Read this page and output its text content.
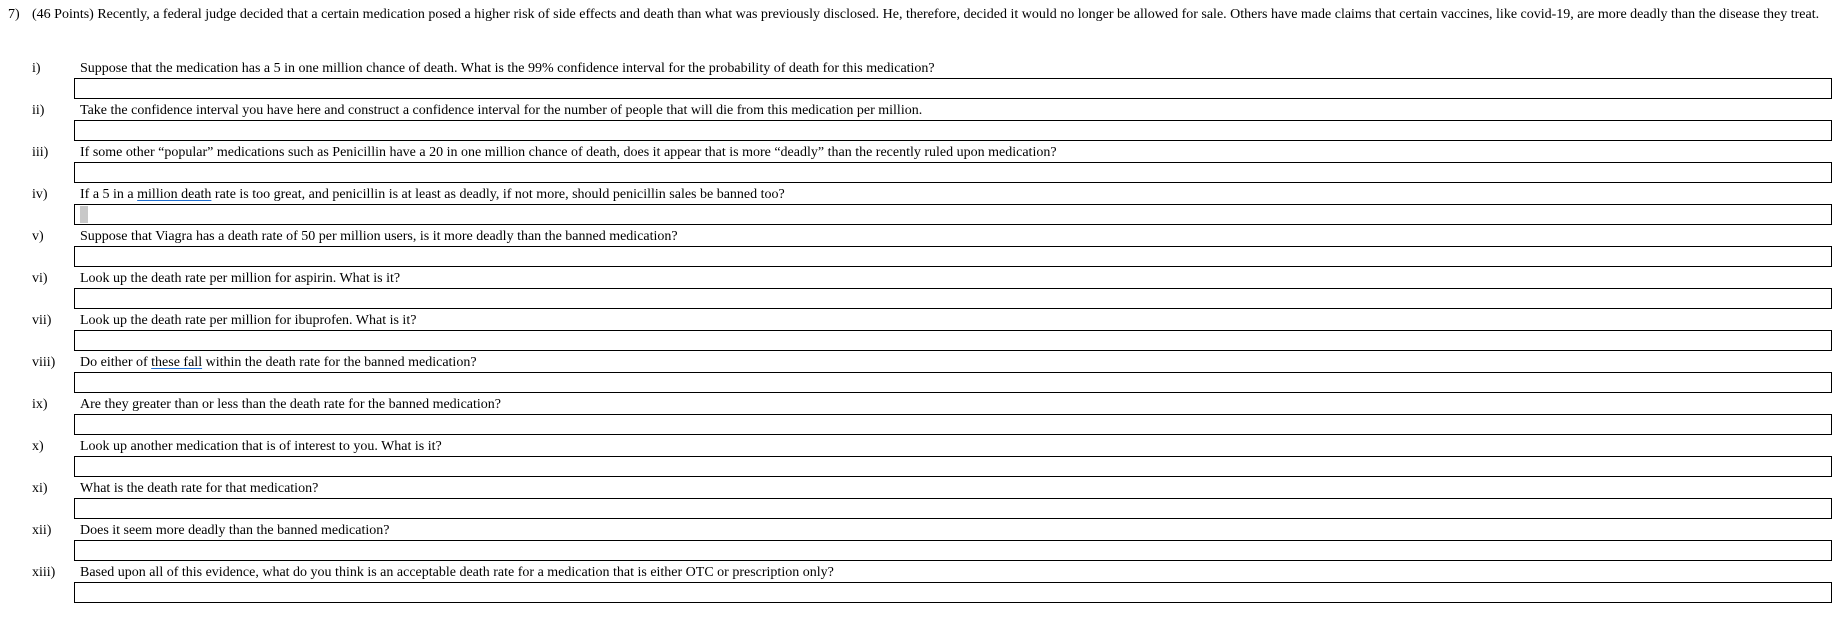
7) (46 Points) Recently, a federal judge decided that a certain medication posed a higher risk of side effects and death than what was previously disclosed. He, therefore, decided it would no longer be allowed for sale. Others have made claims that certain vaccines, like covid-19, are more deadly than the disease they treat.
i)	Suppose that the medication has a 5 in one million chance of death. What is the 99% confidence interval for the probability of death for this medication?
ii)	Take the confidence interval you have here and construct a confidence interval for the number of people that will die from this medication per million.
iii) If some other “popular” medications such as Penicillin have a 20 in one million chance of death, does it appear that is more “deadly” than the recently ruled upon medication?
iv) If a 5 in a million death rate is too great, and penicillin is at least as deadly, if not more, should penicillin sales be banned too?
v)	Suppose that Viagra has a death rate of 50 per million users, is it more deadly than the banned medication?
vi) Look up the death rate per million for aspirin. What is it?
vii) Look up the death rate per million for ibuprofen. What is it?
viii) Do either of these fall within the death rate for the banned medication?
ix) Are they greater than or less than the death rate for the banned medication?
x)	Look up another medication that is of interest to you. What is it?
xi) What is the death rate for that medication?
xii) Does it seem more deadly than the banned medication?
xiii) Based upon all of this evidence, what do you think is an acceptable death rate for a medication that is either OTC or prescription only?
